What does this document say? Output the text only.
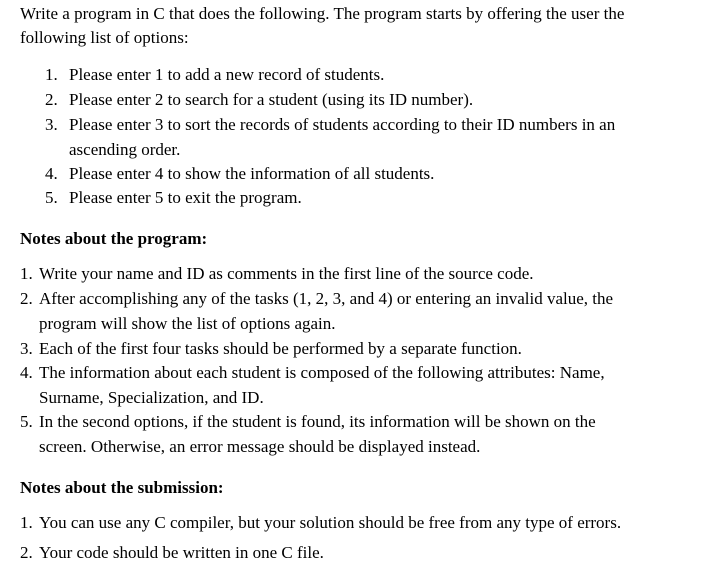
Write a program in C that does the following. The program starts by offering the user the
following list of options:
1. Please enter 1 to add a new record of students.
2. Please enter 2 to search for a student (using its ID number).
3. Please enter 3 to sort the records of students according to their ID numbers in an
ascending order.
4. Please enter 4 to show the information of all students.
5. Please enter 5 to exit the program.
Notes about the program:
1. Write your name and ID as comments in the first line of the source code.
2. After accomplishing any of the tasks (1, 2, 3, and 4) or entering an invalid value, the
program will show the list of options again.
3. Each of the first four tasks should be performed by a separate function.
4. The information about each student is composed of the following attributes: Name,
Surname, Specialization, and ID.
5. In the second options, if the student is found, its information will be shown on the
screen. Otherwise, an error message should be displayed instead.
Notes about the submission:
1. You can use any C compiler, but your solution should be free from any type of errors.
2. Your code should be written in one C file.
